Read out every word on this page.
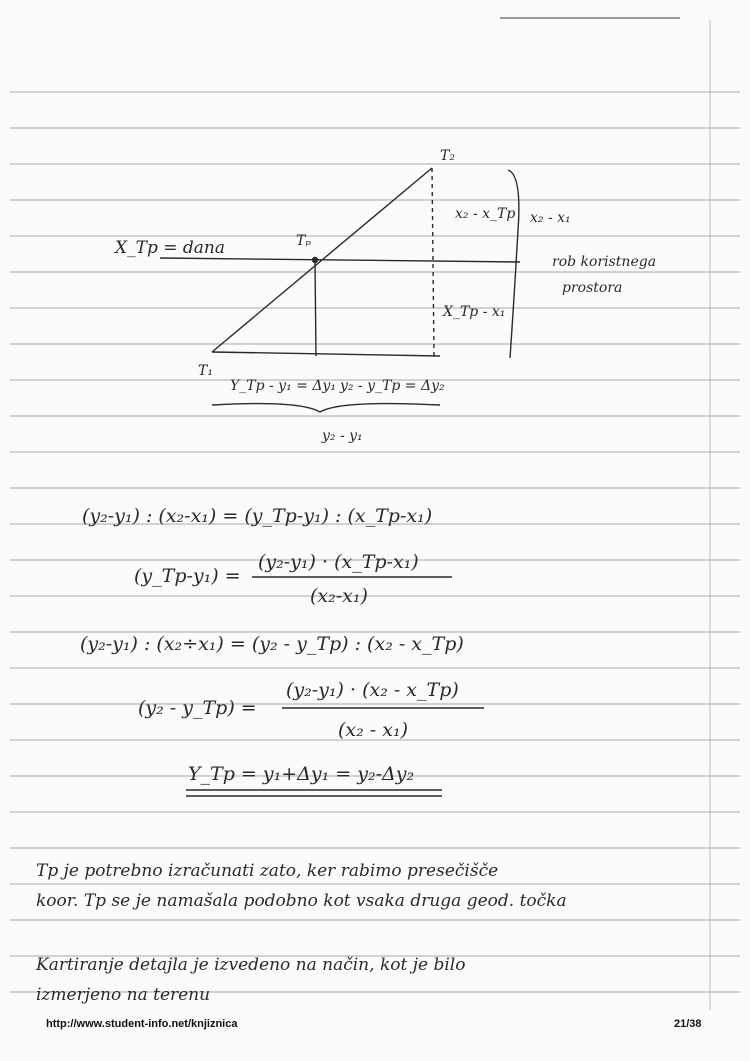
T₂
T₁
Tₚ
X_Tp = dana
x₂ - x_Tp x₂ - x₁
X_Tp - x₁
rob koristnega
prostora
Y_Tp - y₁ = Δy₁ y₂ - y_Tp = Δy₂
y₂ - y₁
(y₂-y₁) : (x₂-x₁) = (y_Tp-y₁) : (x_Tp-x₁)
(y_Tp-y₁) =
(y₂-y₁) · (x_Tp-x₁)
(x₂-x₁)
(y₂-y₁) : (x₂÷x₁) = (y₂ - y_Tp) : (x₂ - x_Tp)
(y₂ - y_Tp) =
(y₂-y₁) · (x₂ - x_Tp)
(x₂ - x₁)
Y_Tp = y₁+Δy₁ = y₂-Δy₂
Tp je potrebno izračunati zato, ker rabimo presečišče
koor. Tp se je namašala podobno kot vsaka druga geod. točka
Kartiranje detajla je izvedeno na način, kot je bilo
izmerjeno na terenu
http://www.student-info.net/knjiznica	21/38
